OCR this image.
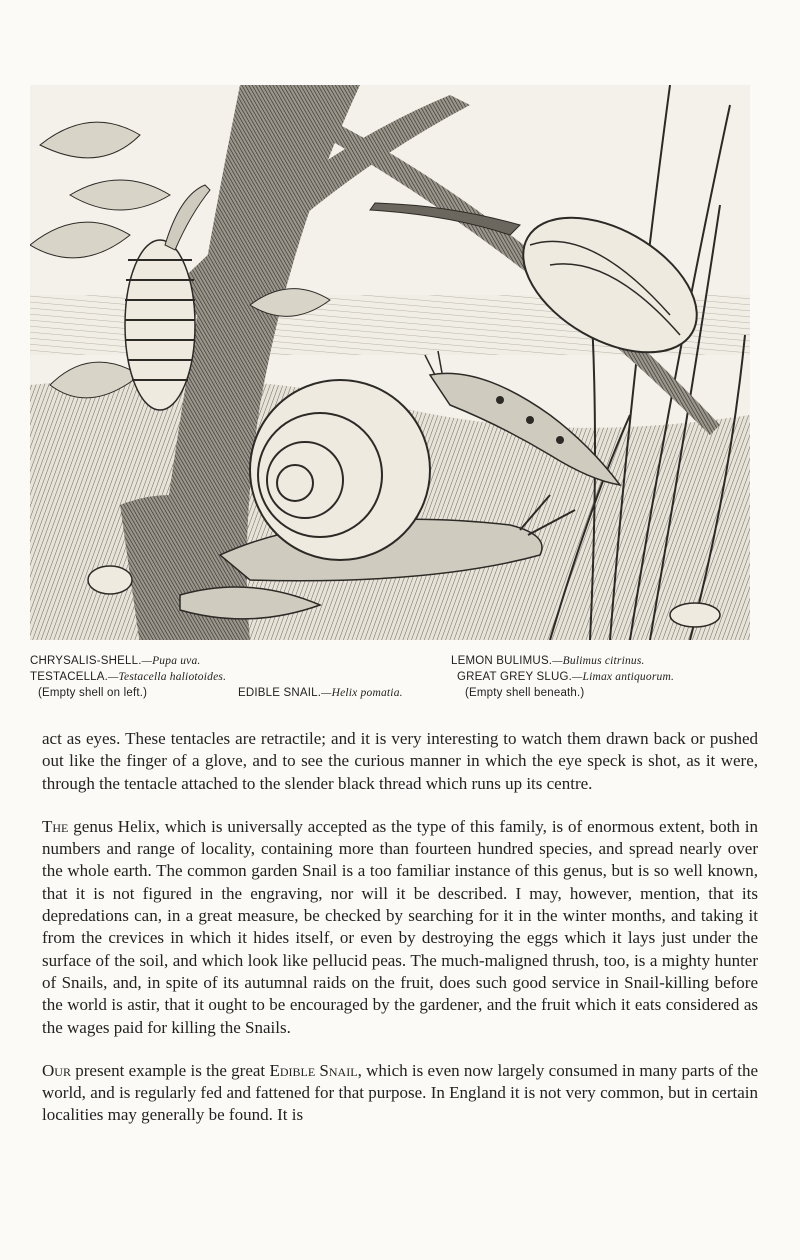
CHRYSALIS-SHELL.—Pupa uva.
TESTACELLA.—Testacella haliotoides.
(Empty shell on left.)	EDIBLE SNAIL.—Helix pomatia.
LEMON BULIMUS.—Bulimus citrinus.
GREAT GREY SLUG.—Limax antiquorum.
(Empty shell beneath.)

act as eyes. These tentacles are retractile; and it is very interesting to watch them drawn back or pushed out like the finger of a glove, and to see the curious manner in which the eye speck is shot, as it were, through the tentacle attached to the slender black thread which runs up its centre.

The genus Helix, which is universally accepted as the type of this family, is of enormous extent, both in numbers and range of locality, containing more than fourteen hundred species, and spread nearly over the whole earth. The common garden Snail is a too familiar instance of this genus, but is so well known, that it is not figured in the engraving, nor will it be described. I may, however, mention, that its depredations can, in a great measure, be checked by searching for it in the winter months, and taking it from the crevices in which it hides itself, or even by destroying the eggs which it lays just under the surface of the soil, and which look like pellucid peas. The much-maligned thrush, too, is a mighty hunter of Snails, and, in spite of its autumnal raids on the fruit, does such good service in Snail-killing before the world is astir, that it ought to be encouraged by the gardener, and the fruit which it eats considered as the wages paid for killing the Snails.

Our present example is the great Edible Snail, which is even now largely consumed in many parts of the world, and is regularly fed and fattened for that purpose. In England it is not very common, but in certain localities may generally be found. It is
